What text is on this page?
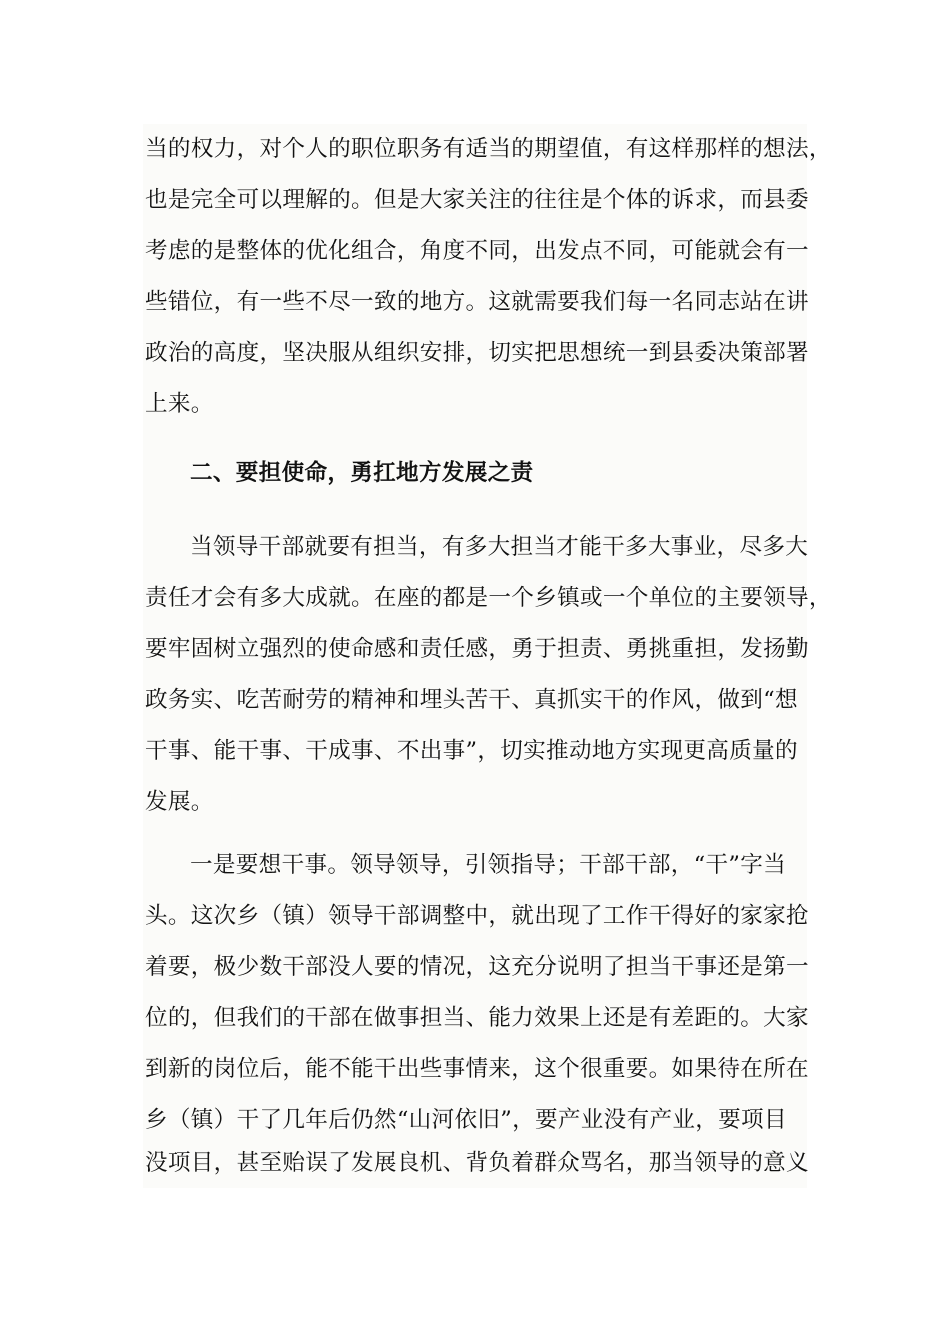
当的权力，对个人的职位职务有适当的期望值，有这样那样的想法，
也是完全可以理解的。但是大家关注的往往是个体的诉求，而县委
考虑的是整体的优化组合，角度不同，出发点不同，可能就会有一
些错位，有一些不尽一致的地方。这就需要我们每一名同志站在讲
政治的高度，坚决服从组织安排，切实把思想统一到县委决策部署
上来。
二、要担使命，勇扛地方发展之责
当领导干部就要有担当，有多大担当才能干多大事业，尽多大
责任才会有多大成就。在座的都是一个乡镇或一个单位的主要领导，
要牢固树立强烈的使命感和责任感，勇于担责、勇挑重担，发扬勤
政务实、吃苦耐劳的精神和埋头苦干、真抓实干的作风，做到“想
干事、能干事、干成事、不出事”，切实推动地方实现更高质量的
发展。
一是要想干事。领导领导，引领指导；干部干部，“干”字当
头。这次乡（镇）领导干部调整中，就出现了工作干得好的家家抢
着要，极少数干部没人要的情况，这充分说明了担当干事还是第一
位的，但我们的干部在做事担当、能力效果上还是有差距的。大家
到新的岗位后，能不能干出些事情来，这个很重要。如果待在所在
乡（镇）干了几年后仍然“山河依旧”，要产业没有产业，要项目
没项目，甚至贻误了发展良机、背负着群众骂名，那当领导的意义
